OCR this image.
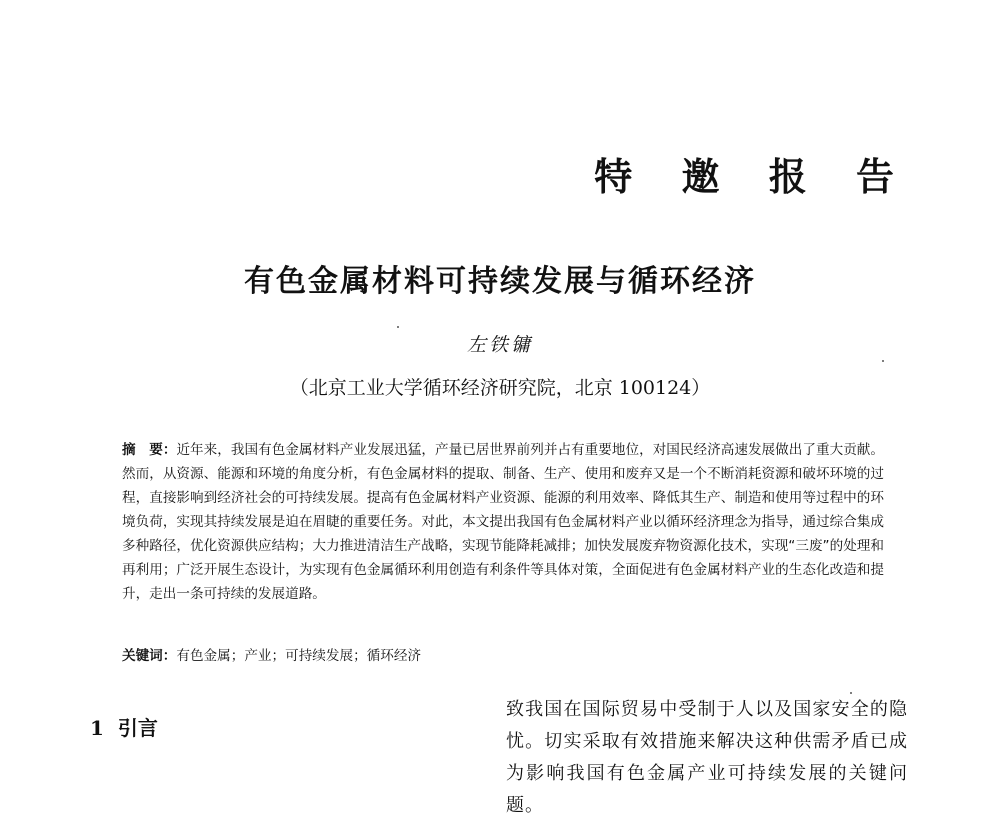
特 邀 报 告
有色金属材料可持续发展与循环经济
左铁镛
（北京工业大学循环经济研究院，北京 100124）
摘　要：近年来，我国有色金属材料产业发展迅猛，产量已居世界前列并占有重要地位，对国民经济高速发展做出了重大贡献。然而，从资源、能源和环境的角度分析，有色金属材料的提取、制备、生产、使用和废弃又是一个不断消耗资源和破坏环境的过程，直接影响到经济社会的可持续发展。提高有色金属材料产业资源、能源的利用效率、降低其生产、制造和使用等过程中的环境负荷，实现其持续发展是迫在眉睫的重要任务。对此，本文提出我国有色金属材料产业以循环经济理念为指导，通过综合集成多种路径，优化资源供应结构；大力推进清洁生产战略，实现节能降耗减排；加快发展废弃物资源化技术，实现“三废”的处理和再利用；广泛开展生态设计，为实现有色金属循环利用创造有利条件等具体对策，全面促进有色金属材料产业的生态化改造和提升，走出一条可持续的发展道路。
关键词：有色金属；产业；可持续发展；循环经济
1 引言
致我国在国际贸易中受制于人以及国家安全的隐忧。切实采取有效措施来解决这种供需矛盾已成为影响我国有色金属产业可持续发展的关键问题。
